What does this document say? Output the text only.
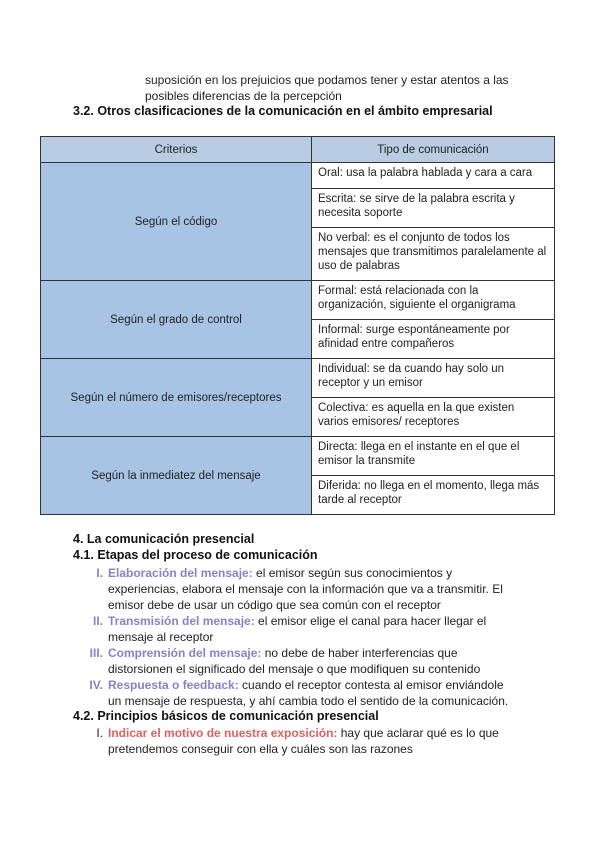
suposición en los prejuicios que podamos tener y estar atentos a las posibles diferencias de la percepción
3.2. Otros clasificaciones de la comunicación en el ámbito empresarial
Criterios	Tipo de comunicación
Según el código	Oral: usa la palabra hablada y cara a cara
	Escrita: se sirve de la palabra escrita y necesita soporte
	No verbal: es el conjunto de todos los mensajes que transmitimos paralelamente al uso de palabras
Según el grado de control	Formal: está relacionada con la organización, siguiente el organigrama
	Informal: surge espontáneamente por afinidad entre compañeros
Según el número de emisores/receptores	Individual: se da cuando hay solo un receptor y un emisor
	Colectiva: es aquella en la que existen varios emisores/ receptores
Según la inmediatez del mensaje	Directa: llega en el instante en el que el emisor la transmite
	Diferida: no llega en el momento, llega más tarde al receptor
4. La comunicación presencial
4.1. Etapas del proceso de comunicación
I. Elaboración del mensaje: el emisor según sus conocimientos y experiencias, elabora el mensaje con la información que va a transmitir. El emisor debe de usar un código que sea común con el receptor
II. Transmisión del mensaje: el emisor elige el canal para hacer llegar el mensaje al receptor
III. Comprensión del mensaje: no debe de haber interferencias que distorsionen el significado del mensaje o que modifiquen su contenido
IV. Respuesta o feedback: cuando el receptor contesta al emisor enviándole un mensaje de respuesta, y ahí cambia todo el sentido de la comunicación.
4.2. Principios básicos de comunicación presencial
I. Indicar el motivo de nuestra exposición: hay que aclarar qué es lo que pretendemos conseguir con ella y cuáles son las razones
